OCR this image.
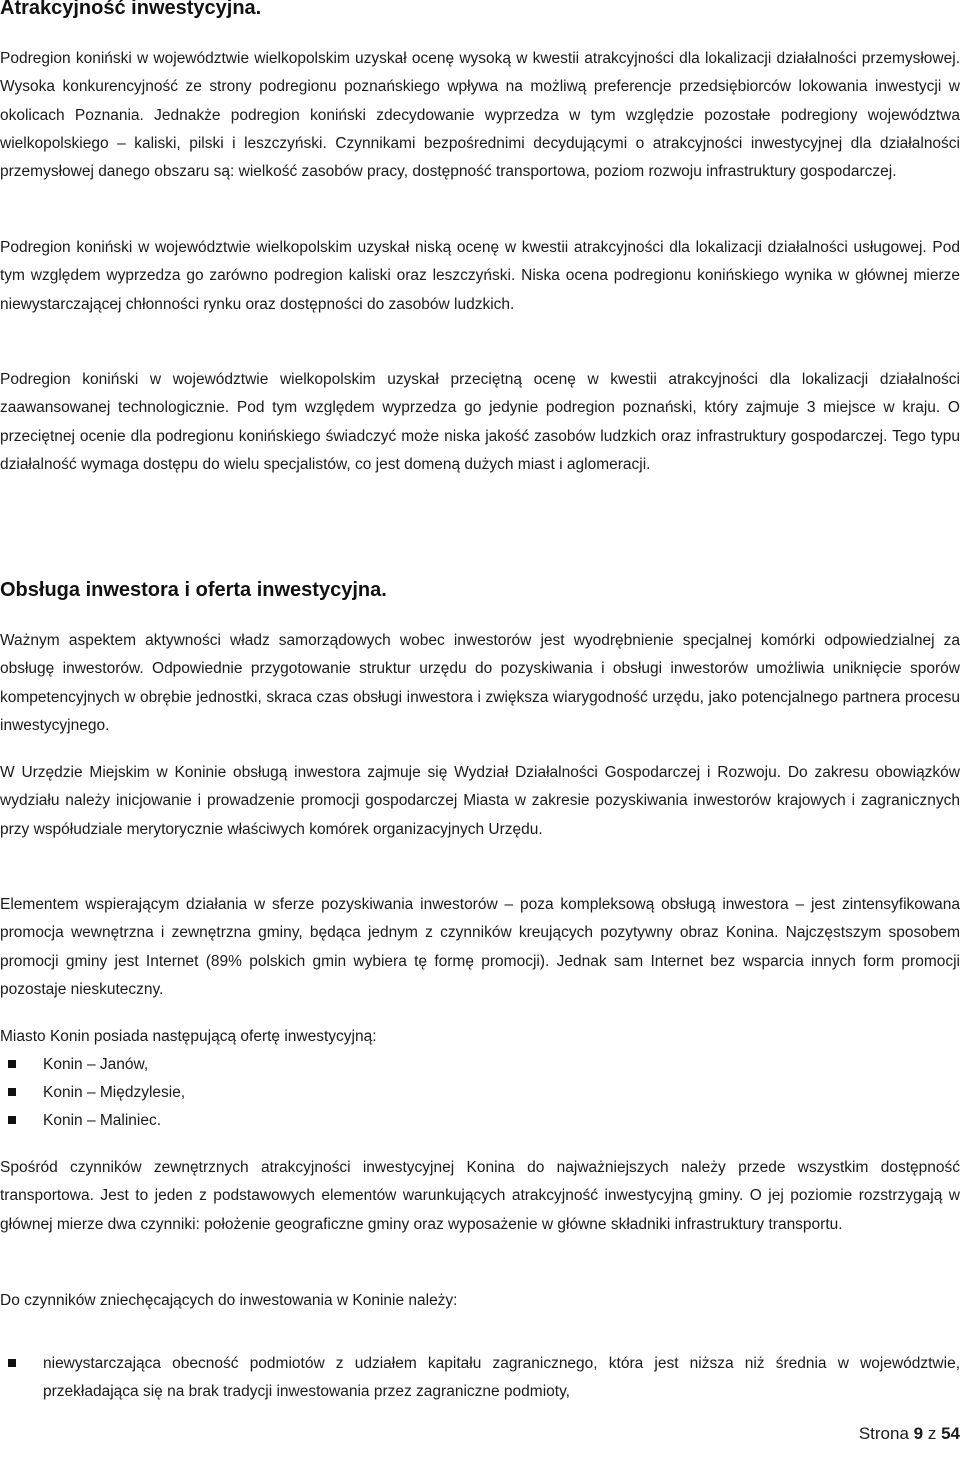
Atrakcyjność inwestycyjna.

Podregion koniński w województwie wielkopolskim uzyskał ocenę wysoką w kwestii atrakcyjności dla lokalizacji działalności przemysłowej. Wysoka konkurencyjność ze strony podregionu poznańskiego wpływa na możliwą preferencje przedsiębiorców lokowania inwestycji w okolicach Poznania. Jednakże podregion koniński zdecydowanie wyprzedza w tym względzie pozostałe podregiony województwa wielkopolskiego – kaliski, pilski i leszczyński. Czynnikami bezpośrednimi decydującymi o atrakcyjności inwestycyjnej dla działalności przemysłowej danego obszaru są: wielkość zasobów pracy, dostępność transportowa, poziom rozwoju infrastruktury gospodarczej.

Podregion koniński w województwie wielkopolskim uzyskał niską ocenę w kwestii atrakcyjności dla lokalizacji działalności usługowej. Pod tym względem wyprzedza go zarówno podregion kaliski oraz leszczyński. Niska ocena podregionu konińskiego wynika w głównej mierze niewystarczającej chłonności rynku oraz dostępności do zasobów ludzkich.

Podregion koniński w województwie wielkopolskim uzyskał przeciętną ocenę w kwestii atrakcyjności dla lokalizacji działalności zaawansowanej technologicznie. Pod tym względem wyprzedza go jedynie podregion poznański, który zajmuje 3 miejsce w kraju. O przeciętnej ocenie dla podregionu konińskiego świadczyć może niska jakość zasobów ludzkich oraz infrastruktury gospodarczej. Tego typu działalność wymaga dostępu do wielu specjalistów, co jest domeną dużych miast i aglomeracji.

Obsługa inwestora i oferta inwestycyjna.

Ważnym aspektem aktywności władz samorządowych wobec inwestorów jest wyodrębnienie specjalnej komórki odpowiedzialnej za obsługę inwestorów. Odpowiednie przygotowanie struktur urzędu do pozyskiwania i obsługi inwestorów umożliwia uniknięcie sporów kompetencyjnych w obrębie jednostki, skraca czas obsługi inwestora i zwiększa wiarygodność urzędu, jako potencjalnego partnera procesu inwestycyjnego.

W Urzędzie Miejskim w Koninie obsługą inwestora zajmuje się Wydział Działalności Gospodarczej i Rozwoju. Do zakresu obowiązków wydziału należy inicjowanie i prowadzenie promocji gospodarczej Miasta w zakresie pozyskiwania inwestorów krajowych i zagranicznych przy współudziale merytorycznie właściwych komórek organizacyjnych Urzędu.

Elementem wspierającym działania w sferze pozyskiwania inwestorów – poza kompleksową obsługą inwestora – jest zintensyfikowana promocja wewnętrzna i zewnętrzna gminy, będąca jednym z czynników kreujących pozytywny obraz Konina. Najczęstszym sposobem promocji gminy jest Internet (89% polskich gmin wybiera tę formę promocji). Jednak sam Internet bez wsparcia innych form promocji pozostaje nieskuteczny.

Miasto Konin posiada następującą ofertę inwestycyjną:

Konin – Janów,
Konin – Międzylesie,
Konin – Maliniec.

Spośród czynników zewnętrznych atrakcyjności inwestycyjnej Konina do najważniejszych należy przede wszystkim dostępność transportowa. Jest to jeden z podstawowych elementów warunkujących atrakcyjność inwestycyjną gminy. O jej poziomie rozstrzygają w głównej mierze dwa czynniki: położenie geograficzne gminy oraz wyposażenie w główne składniki infrastruktury transportu.

Do czynników zniechęcających do inwestowania w Koninie należy:

niewystarczająca obecność podmiotów z udziałem kapitału zagranicznego, która jest niższa niż średnia w województwie, przekładająca się na brak tradycji inwestowania przez zagraniczne podmioty,
Strona 9 z 54
